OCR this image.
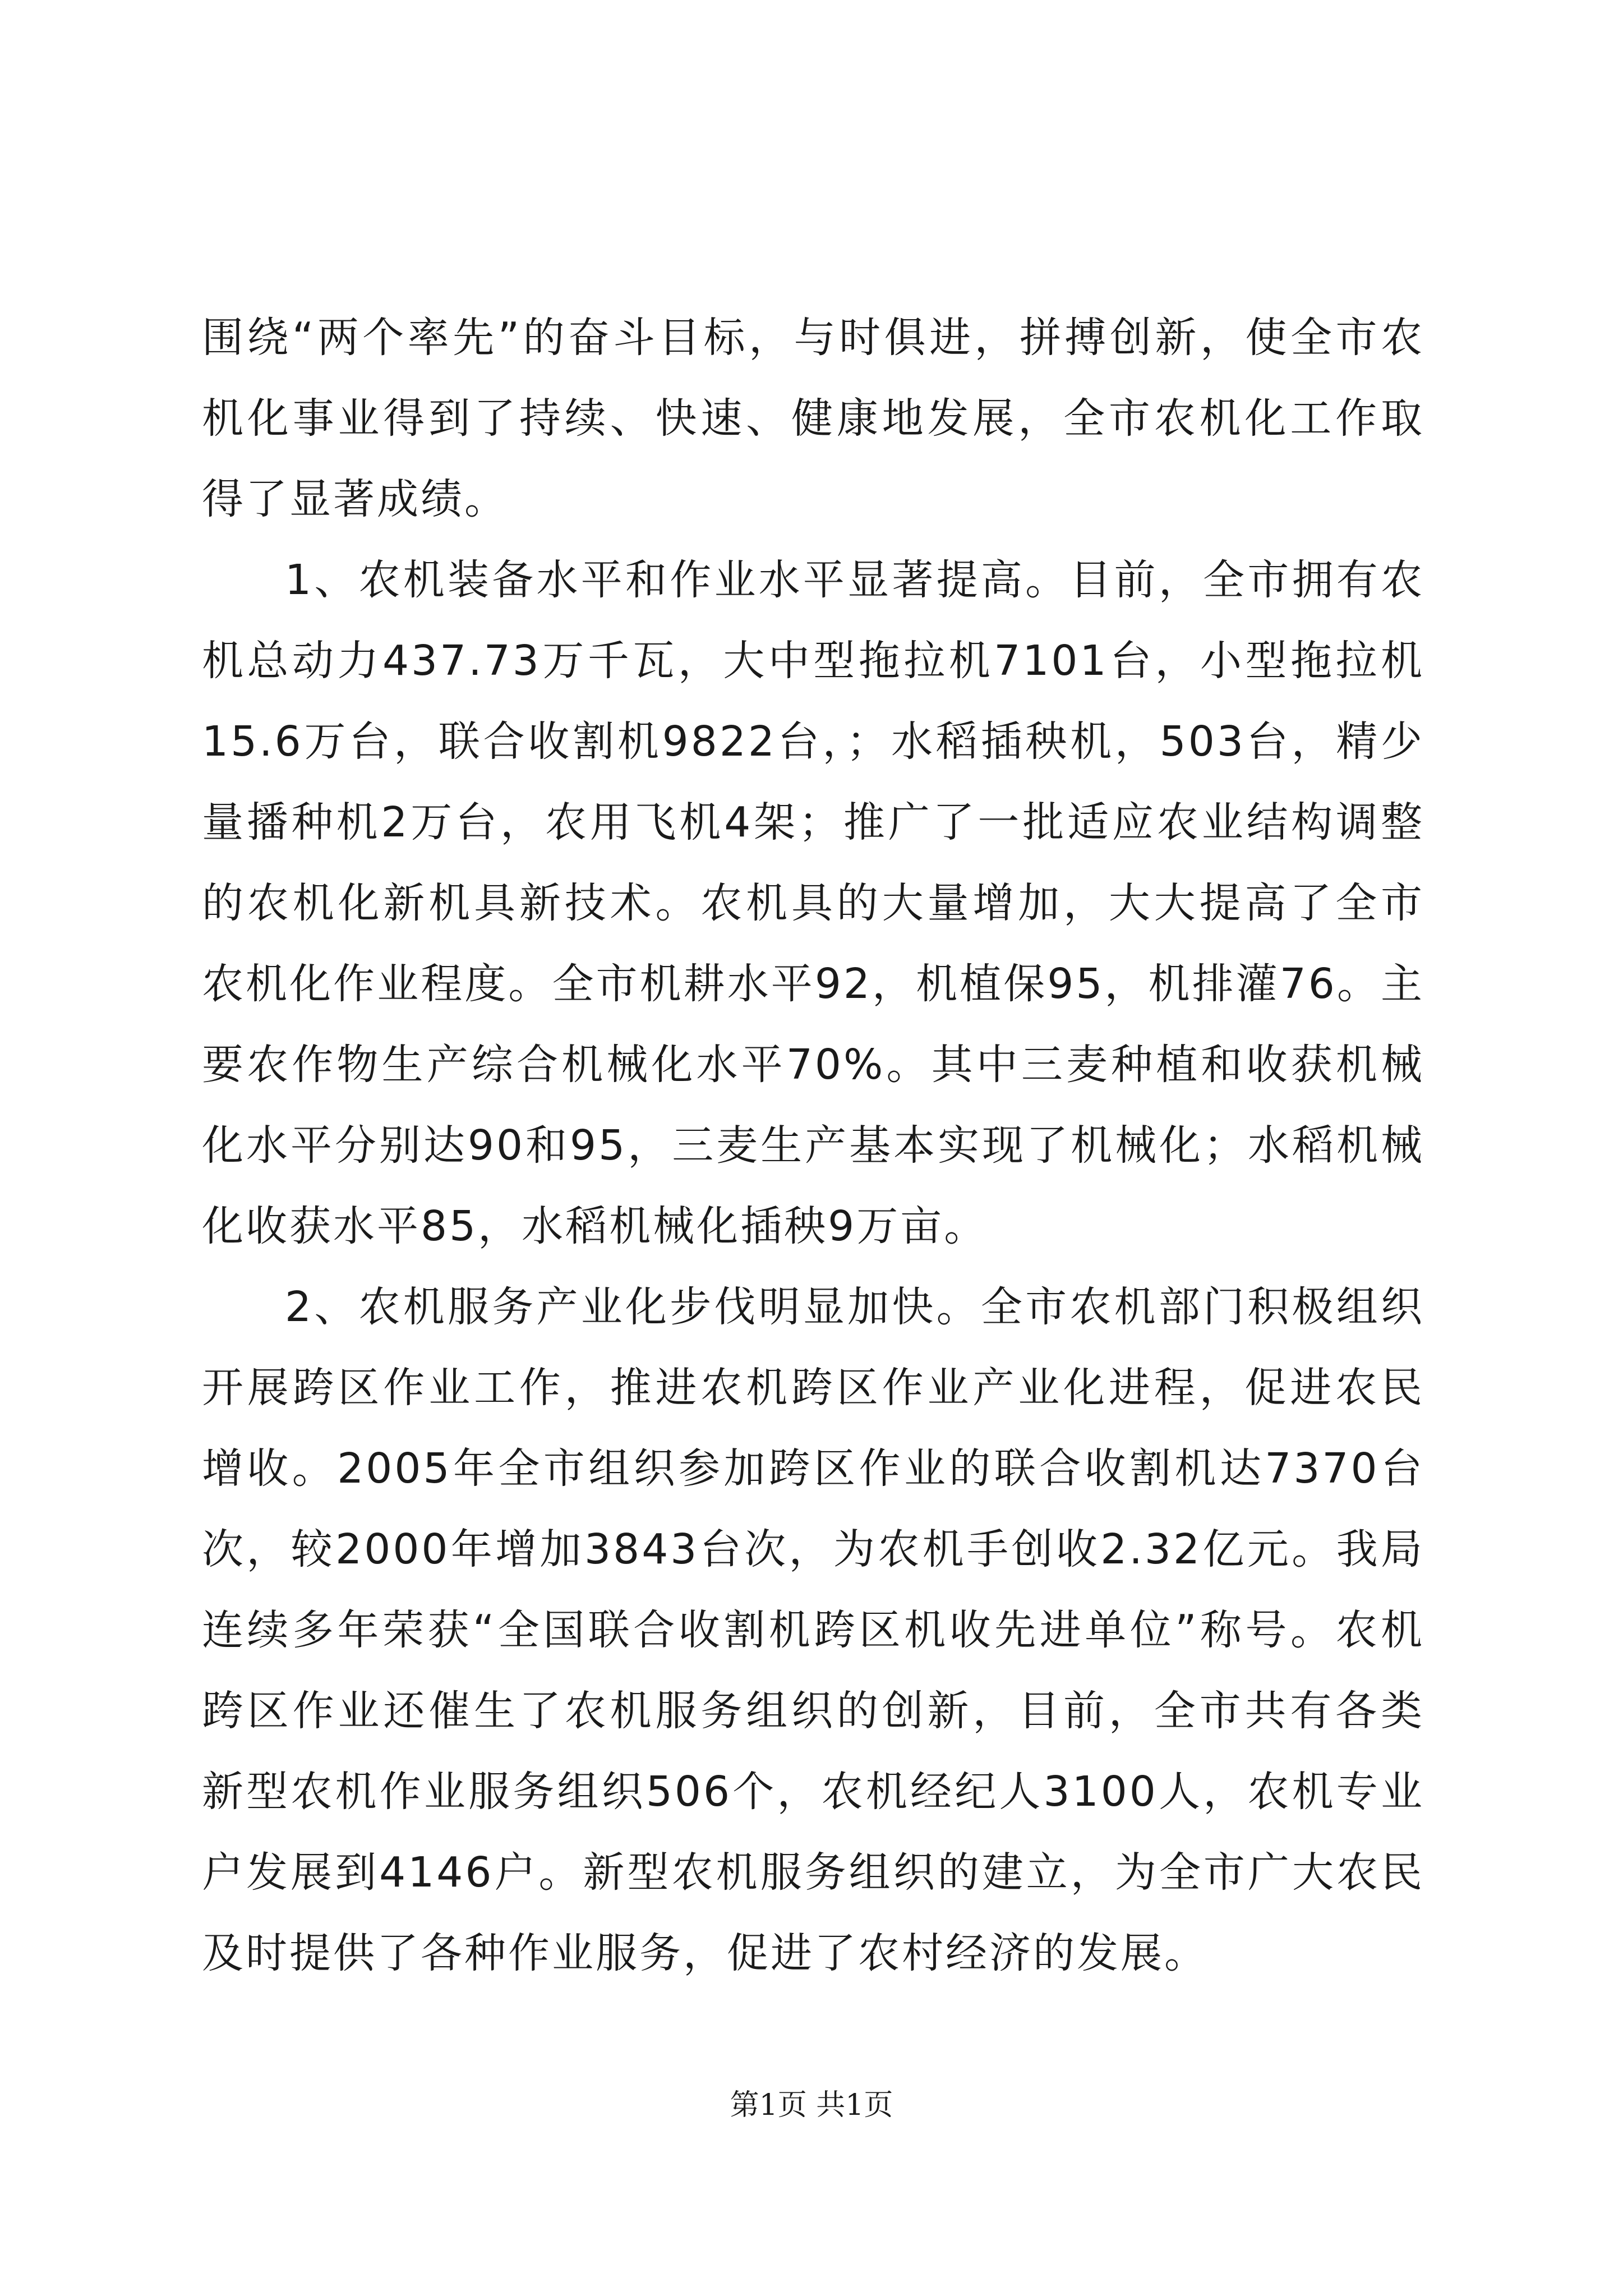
围绕“两个率先”的奋斗目标，与时俱进，拼搏创新，使全市农机化事业得到了持续、快速、健康地发展，全市农机化工作取得了显著成绩。

1、农机装备水平和作业水平显著提高。目前，全市拥有农机总动力437.73万千瓦，大中型拖拉机7101台，小型拖拉机15.6万台，联合收割机9822台，；水稻插秧机，503台，精少量播种机2万台，农用飞机4架；推广了一批适应农业结构调整的农机化新机具新技术。农机具的大量增加，大大提高了全市农机化作业程度。全市机耕水平92，机植保95，机排灌76。主要农作物生产综合机械化水平70%。其中三麦种植和收获机械化水平分别达90和95，三麦生产基本实现了机械化；水稻机械化收获水平85，水稻机械化插秧9万亩。

2、农机服务产业化步伐明显加快。全市农机部门积极组织开展跨区作业工作，推进农机跨区作业产业化进程，促进农民增收。2005年全市组织参加跨区作业的联合收割机达7370台次，较2000年增加3843台次，为农机手创收2.32亿元。我局连续多年荣获“全国联合收割机跨区机收先进单位”称号。农机跨区作业还催生了农机服务组织的创新，目前，全市共有各类新型农机作业服务组织506个，农机经纪人3100人，农机专业户发展到4146户。新型农机服务组织的建立，为全市广大农民及时提供了各种作业服务，促进了农村经济的发展。

第1页 共1页
